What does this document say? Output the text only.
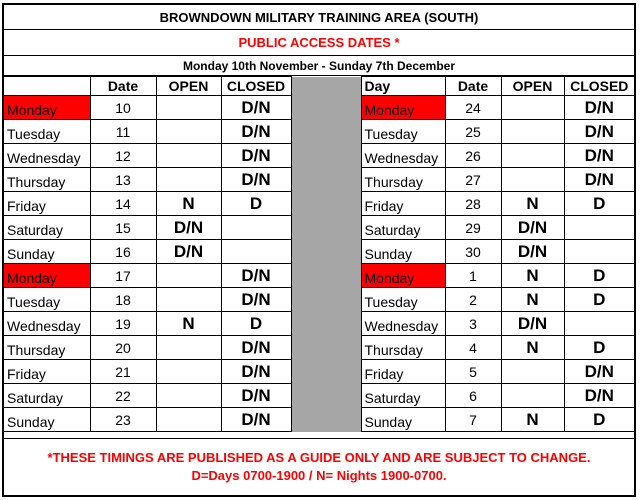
BROWNDOWN MILITARY TRAINING AREA (SOUTH)
PUBLIC ACCESS DATES *
Monday 10th November - Sunday 7th December
	Date	OPEN	CLOSED		Day	Date	OPEN	CLOSED
Monday	10		D/N		Monday	24		D/N
Tuesday	11		D/N		Tuesday	25		D/N
Wednesday	12		D/N		Wednesday	26		D/N
Thursday	13		D/N		Thursday	27		D/N
Friday	14	N	D		Friday	28	N	D
Saturday	15	D/N			Saturday	29	D/N	
Sunday	16	D/N			Sunday	30	D/N	
Monday	17		D/N		Monday	1	N	D
Tuesday	18		D/N		Tuesday	2	N	D
Wednesday	19	N	D		Wednesday	3	D/N	
Thursday	20		D/N		Thursday	4	N	D
Friday	21		D/N		Friday	5		D/N
Saturday	22		D/N		Saturday	6		D/N
Sunday	23		D/N		Sunday	7	N	D
*THESE TIMINGS ARE PUBLISHED AS A GUIDE ONLY AND ARE SUBJECT TO CHANGE.
D=Days 0700-1900 / N= Nights 1900-0700.
